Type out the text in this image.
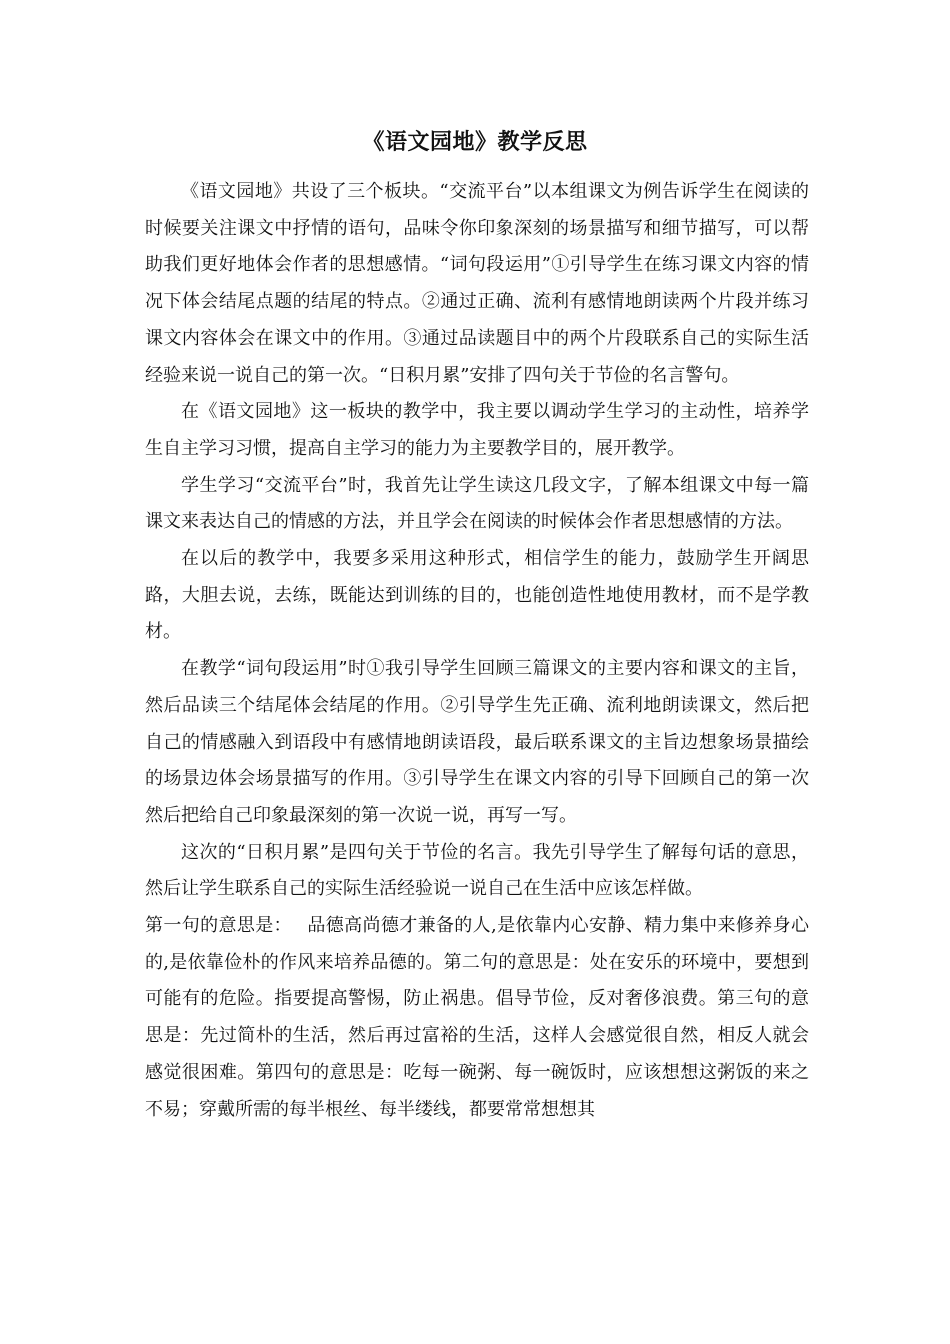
《语文园地》教学反思

《语文园地》共设了三个板块。“交流平台”以本组课文为例告诉学生在阅读的时候要关注课文中抒情的语句，品味令你印象深刻的场景描写和细节描写，可以帮助我们更好地体会作者的思想感情。“词句段运用”①引导学生在练习课文内容的情况下体会结尾点题的结尾的特点。②通过正确、流利有感情地朗读两个片段并练习课文内容体会在课文中的作用。③通过品读题目中的两个片段联系自己的实际生活经验来说一说自己的第一次。“日积月累”安排了四句关于节俭的名言警句。

在《语文园地》这一板块的教学中，我主要以调动学生学习的主动性，培养学生自主学习习惯，提高自主学习的能力为主要教学目的，展开教学。

学生学习“交流平台”时，我首先让学生读这几段文字，了解本组课文中每一篇课文来表达自己的情感的方法，并且学会在阅读的时候体会作者思想感情的方法。

在以后的教学中，我要多采用这种形式，相信学生的能力，鼓励学生开阔思路，大胆去说，去练，既能达到训练的目的，也能创造性地使用教材，而不是学教材。

在教学“词句段运用”时①我引导学生回顾三篇课文的主要内容和课文的主旨，然后品读三个结尾体会结尾的作用。②引导学生先正确、流利地朗读课文，然后把自己的情感融入到语段中有感情地朗读语段，最后联系课文的主旨边想象场景描绘的场景边体会场景描写的作用。③引导学生在课文内容的引导下回顾自己的第一次然后把给自己印象最深刻的第一次说一说，再写一写。

这次的“日积月累”是四句关于节俭的名言。我先引导学生了解每句话的意思，然后让学生联系自己的实际生活经验说一说自己在生活中应该怎样做。

第一句的意思是：　 品德高尚德才兼备的人,是依靠内心安静、精力集中来修养身心的,是依靠俭朴的作风来培养品德的。第二句的意思是：处在安乐的环境中，要想到可能有的危险。指要提高警惕，防止祸患。倡导节俭，反对奢侈浪费。第三句的意思是：先过简朴的生活，然后再过富裕的生活，这样人会感觉很自然，相反人就会感觉很困难。第四句的意思是：吃每一碗粥、每一碗饭时，应该想想这粥饭的来之不易；穿戴所需的每半根丝、每半缕线，都要常常想想其
